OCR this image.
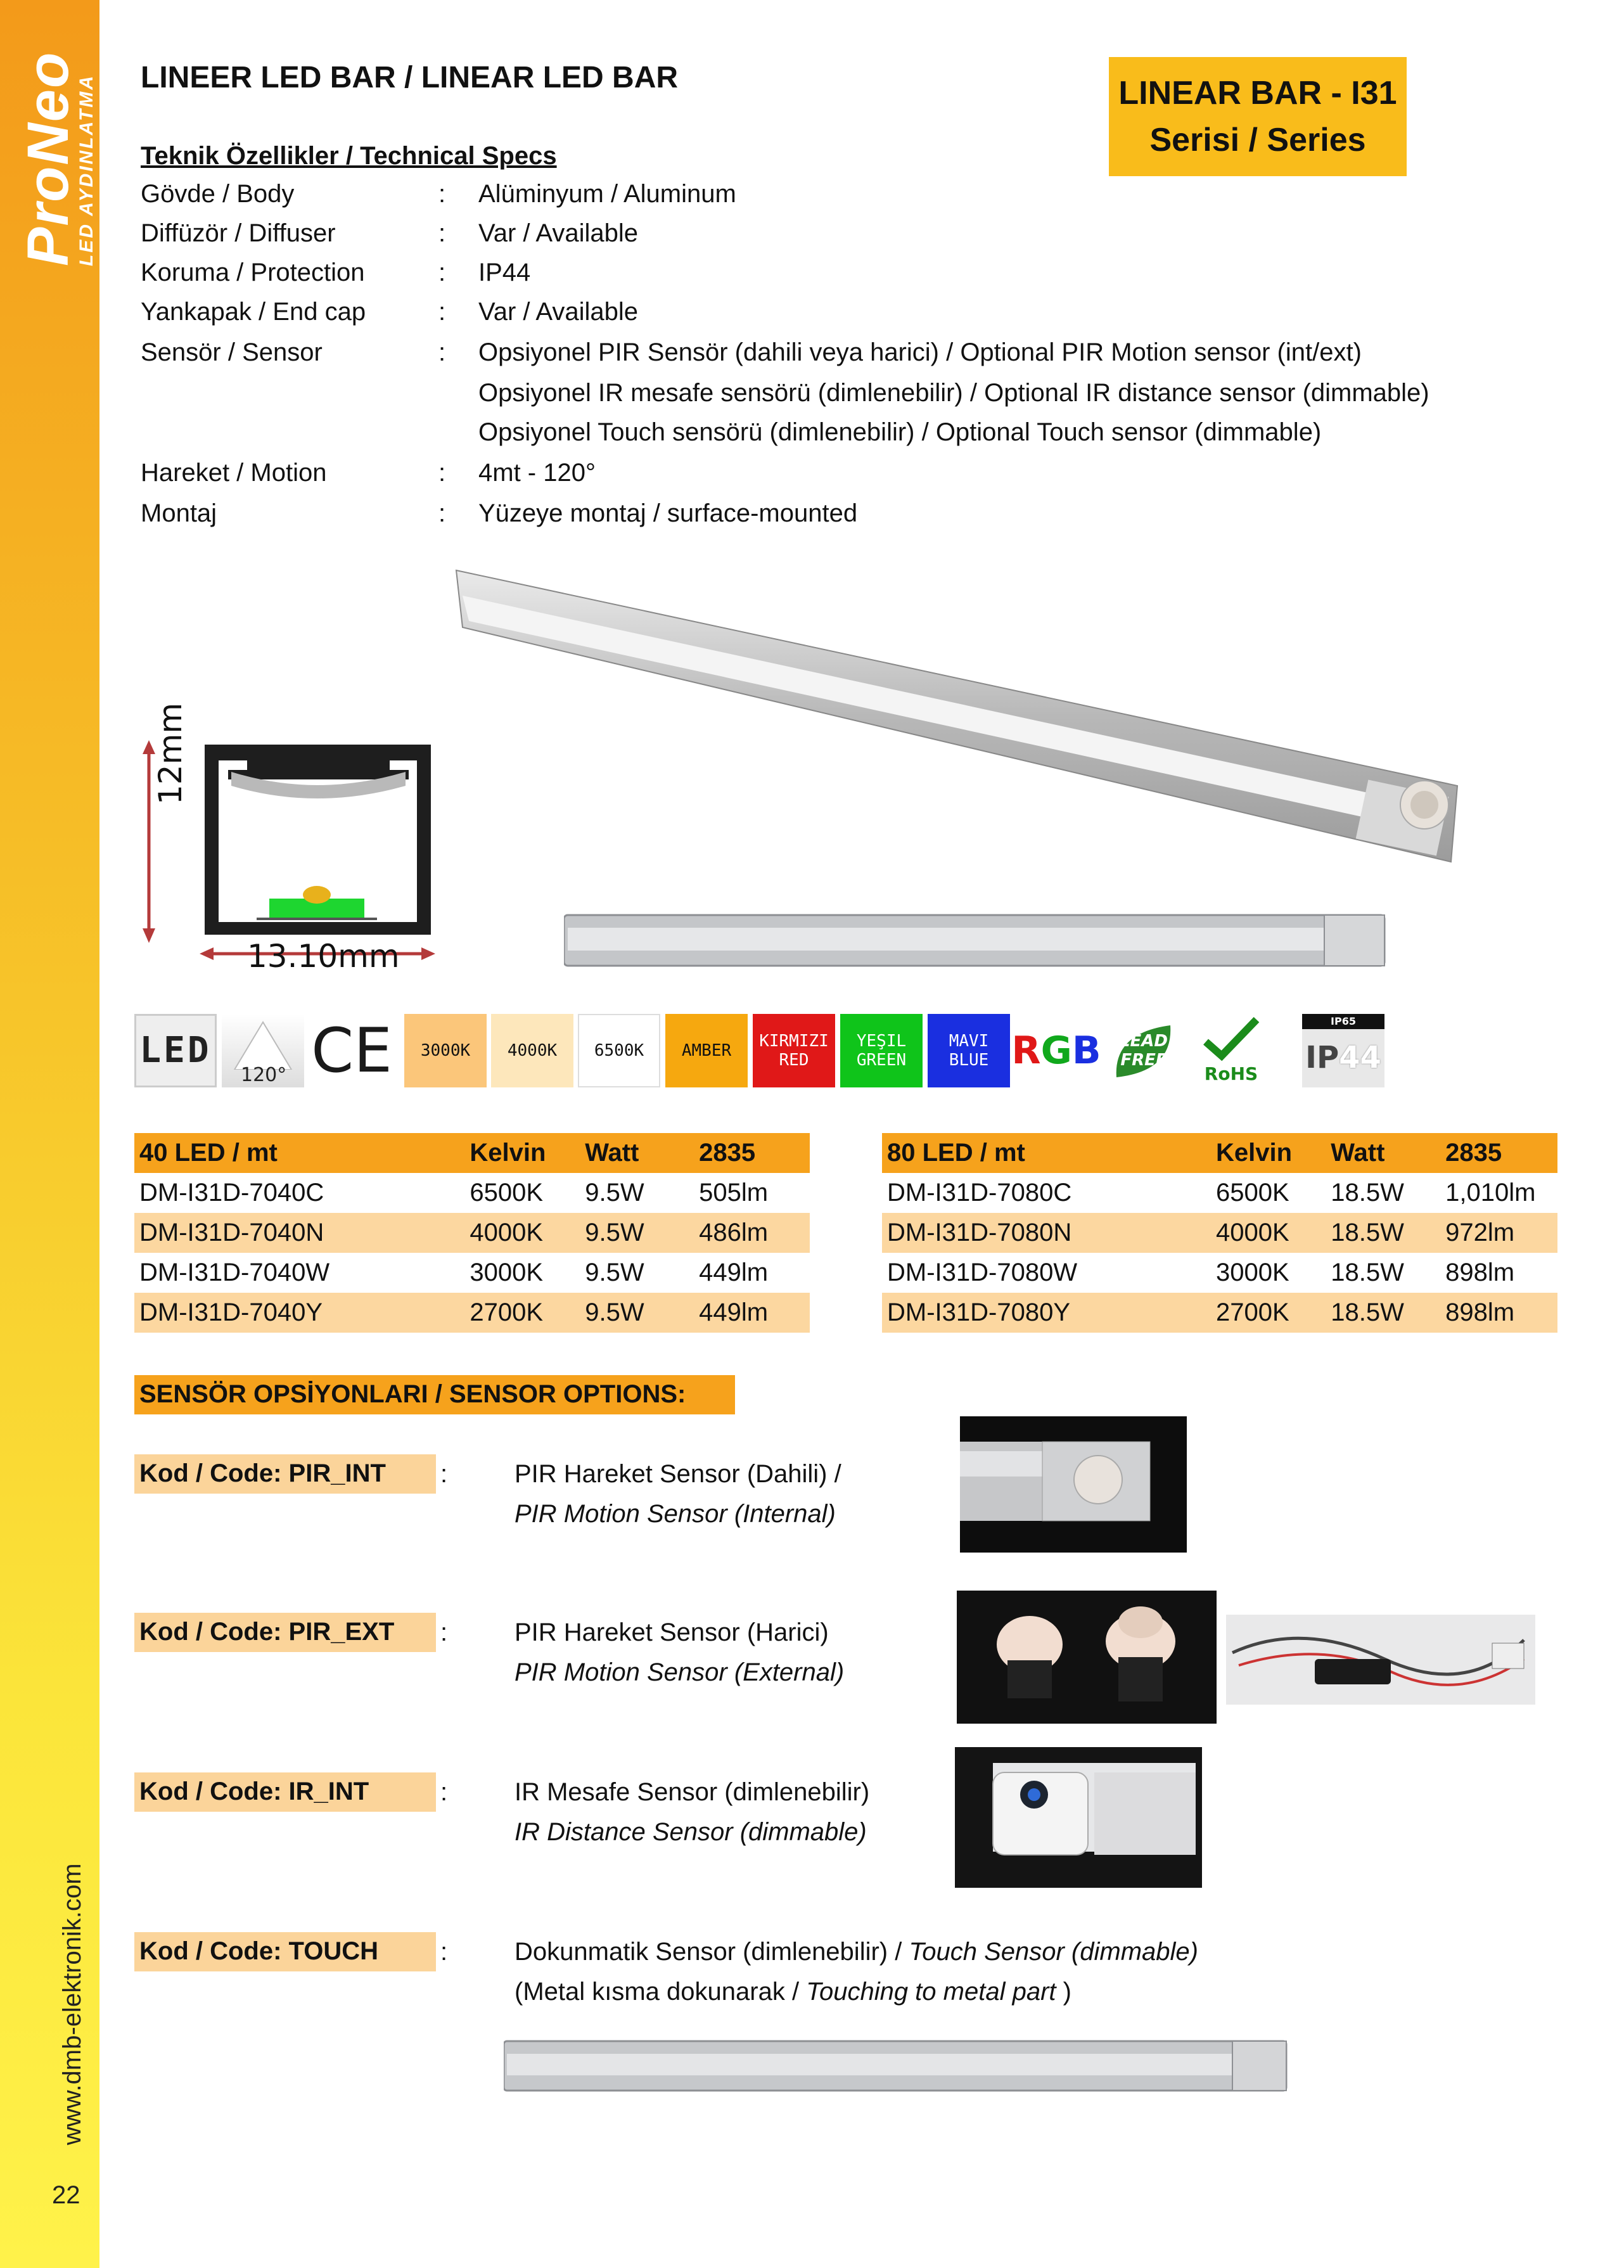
www.dmb-elektronik.com
22
LINEER LED BAR / LINEAR LED BAR	LINEAR BAR - I31
Serisi / Series
Teknik Özellikler / Technical Specs
Gövde / Body	: Alüminyum / Aluminum
Diffüzör / Diffuser	: Var / Available
Koruma / Protection	: IP44
Yankapak / End cap	: Var / Available
Sensör / Sensor	: Opsiyonel PIR Sensör (dahili veya harici) / Optional PIR Motion sensor (int/ext)
Opsiyonel IR mesafe sensörü (dimlenebilir) / Optional IR distance sensor (dimmable)
Opsiyonel Touch sensörü (dimlenebilir) / Optional Touch sensor (dimmable)
Hareket / Motion	: 4mt - 120°
Montaj	: Yüzeye montaj / surface-mounted
12mm
13.10mm
LED
120° CE 3000K 4000K 6500K AMBER KIRMIZI
RED
YEŞIL
GREEN
MAVI
BLUE R G B LEAD
FREE
RoHS
IP65
IP 44
40 LED / mt	Kelvin	Watt	2835
DM-I31D-7040C	6500K	9.5W	505lm
DM-I31D-7040N	4000K	9.5W	486lm
DM-I31D-7040W	3000K	9.5W	449lm
DM-I31D-7040Y	2700K	9.5W	449lm
80 LED / mt	Kelvin	Watt	2835
DM-I31D-7080C	6500K	18.5W	1,010lm
DM-I31D-7080N	4000K	18.5W	972lm
DM-I31D-7080W	3000K	18.5W	898lm
DM-I31D-7080Y	2700K	18.5W	898lm
SENSÖR OPSİYONLARI / SENSOR OPTIONS:
Kod / Code: PIR_INT	:	PIR Hareket Sensor (Dahili) /
PIR Motion Sensor (Internal)
Kod / Code: PIR_EXT	:	PIR Hareket Sensor (Harici)
PIR Motion Sensor (External)
Kod / Code: IR_INT	:	IR Mesafe Sensor (dimlenebilir)
IR Distance Sensor (dimmable)
Kod / Code: TOUCH	:	Dokunmatik Sensor (dimlenebilir) / Touch Sensor (dimmable)
(Metal kısma dokunarak / Touching to metal part )
